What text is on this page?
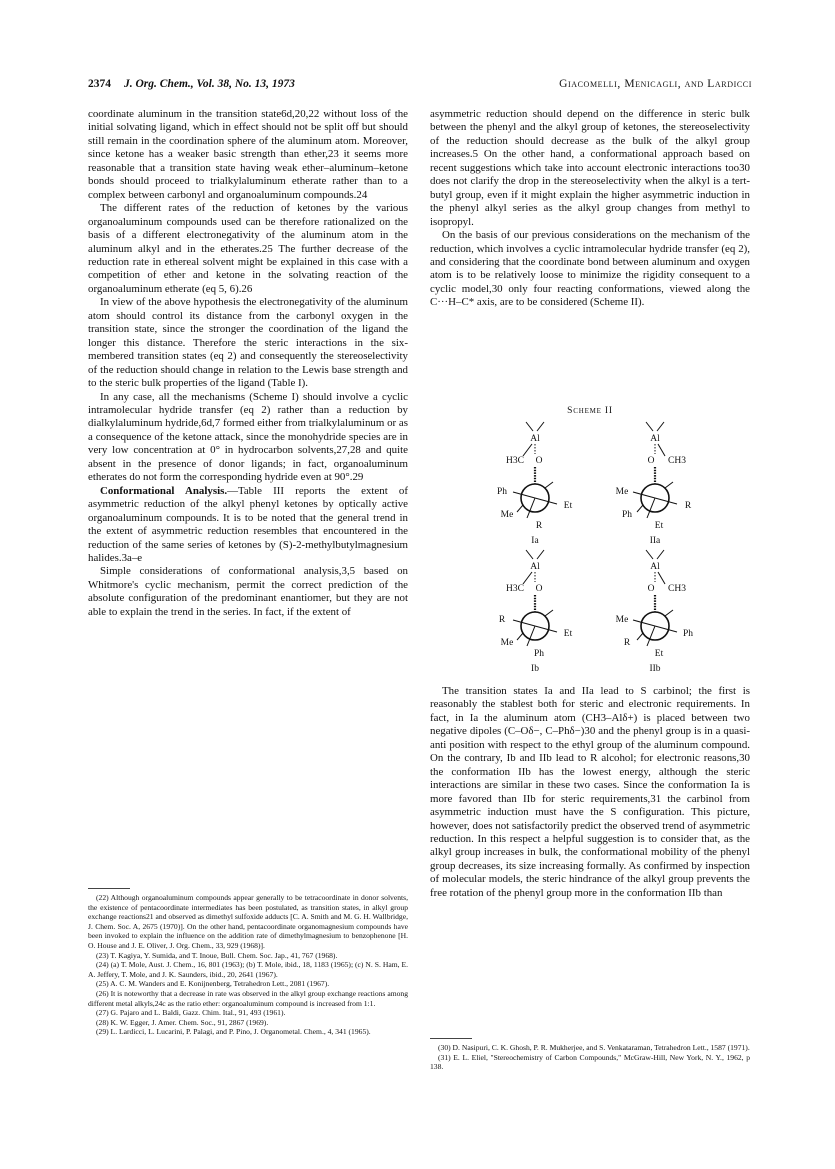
2374 J. Org. Chem., Vol. 38, No. 13, 1973	Giacomelli, Menicagli, and Lardicci

coordinate aluminum in the transition state6d,20,22 without loss of the initial solvating ligand, which in effect should not be split off but should still remain in the coordination sphere of the aluminum atom. Moreover, since ketone has a weaker basic strength than ether,23 it seems more reasonable that a transition state having weak ether–aluminum–ketone bonds should proceed to trialkylaluminum etherate rather than to a complex between carbonyl and organoaluminum compounds.24

The different rates of the reduction of ketones by the various organoaluminum compounds used can be therefore rationalized on the basis of a different electronegativity of the aluminum atom in the aluminum alkyl and in the etherates.25 The further decrease of the reduction rate in ethereal solvent might be explained in this case with a competition of ether and ketone in the solvating reaction of the organoaluminum etherate (eq 5, 6).26

In view of the above hypothesis the electronegativity of the aluminum atom should control its distance from the carbonyl oxygen in the transition state, since the stronger the coordination of the ligand the longer this distance. Therefore the steric interactions in the six-membered transition states (eq 2) and consequently the stereoselectivity of the reduction should change in relation to the Lewis base strength and to the steric bulk properties of the ligand (Table I).

In any case, all the mechanisms (Scheme I) should involve a cyclic intramolecular hydride transfer (eq 2) rather than a reduction by dialkylaluminum hydride,6d,7 formed either from trialkylaluminum or as a consequence of the ketone attack, since the monohydride species are in very low concentration at 0° in hydrocarbon solvents,27,28 and quite absent in the presence of donor ligands; in fact, organoaluminum etherates do not form the corresponding hydride even at 90°.29

Conformational Analysis.—Table III reports the extent of asymmetric reduction of the alkyl phenyl ketones by optically active organoaluminum compounds. It is to be noted that the general trend in the extent of asymmetric reduction resembles that encountered in the reduction of the same series of ketones by (S)-2-methylbutylmagnesium halides.3a–e

Simple considerations of conformational analysis,3,5 based on Whitmore's cyclic mechanism, permit the correct prediction of the absolute configuration of the predominant enantiomer, but they are not able to explain the trend in the series. In fact, if the extent of

(22) Although organoaluminum compounds appear generally to be tetracoordinate in donor solvents, the existence of pentacoordinate intermediates has been postulated, as transition states, in alkyl group exchange reactions21 and observed as dimethyl sulfoxide adducts [C. A. Smith and M. G. H. Wallbridge, J. Chem. Soc. A, 2675 (1970)]. On the other hand, pentacoordinate organomagnesium compounds have been invoked to explain the influence on the addition rate of dimethylmagnesium to benzophenone [H. O. House and J. E. Oliver, J. Org. Chem., 33, 929 (1968)].

(23) T. Kagiya, Y. Sumida, and T. Inoue, Bull. Chem. Soc. Jap., 41, 767 (1968).

(24) (a) T. Mole, Aust. J. Chem., 16, 801 (1963); (b) T. Mole, ibid., 18, 1183 (1965); (c) N. S. Ham, E. A. Jeffery, T. Mole, and J. K. Saunders, ibid., 20, 2641 (1967).

(25) A. C. M. Wanders and E. Konijnenberg, Tetrahedron Lett., 2081 (1967).

(26) It is noteworthy that a decrease in rate was observed in the alkyl group exchange reactions among different metal alkyls,24c as the ratio ether: organoaluminum compound is increased from 1:1.

(27) G. Pajaro and L. Baldi, Gazz. Chim. Ital., 91, 493 (1961).

(28) K. W. Egger, J. Amer. Chem. Soc., 91, 2867 (1969).

(29) L. Lardicci, L. Lucarini, P. Palagi, and P. Pino, J. Organometal. Chem., 4, 341 (1965).

asymmetric reduction should depend on the difference in steric bulk between the phenyl and the alkyl group of ketones, the stereoselectivity of the reduction should decrease as the bulk of the alkyl group increases.5 On the other hand, a conformational approach based on recent suggestions which take into account electronic interactions too30 does not clarify the drop in the stereoselectivity when the alkyl is a tert-butyl group, even if it might explain the higher asymmetric induction in the phenyl alkyl series as the alkyl group changes from methyl to isopropyl.

On the basis of our previous considerations on the mechanism of the reduction, which involves a cyclic intramolecular hydride transfer (eq 2), and considering that the coordinate bond between aluminum and oxygen atom is to be relatively loose to minimize the rigidity consequent to a cyclic model,30 only four reacting conformations, viewed along the C···H–C* axis, are to be considered (Scheme II).

Scheme II
Al
H3C O
Ph
Et
Me
R
Ia
Al
CH3
O
Me
R
Ph
Et
IIa
Al
H3C O
R
Et
Me
Ph
Ib
Al
CH3
O
Me
Ph
R
Et
IIb

The transition states Ia and IIa lead to S carbinol; the first is reasonably the stablest both for steric and electronic requirements. In fact, in Ia the aluminum atom (CH3–Alδ+) is placed between two negative dipoles (C–Oδ−, C–Phδ−)30 and the phenyl group is in a quasi-anti position with respect to the ethyl group of the aluminum compound. On the contrary, Ib and IIb lead to R alcohol; for electronic reasons,30 the conformation IIb has the lowest energy, although the steric interactions are similar in these two cases. Since the conformation Ia is more favored than IIb for steric requirements,31 the carbinol from asymmetric induction must have the S configuration. This picture, however, does not satisfactorily predict the observed trend of asymmetric reduction. In this respect a helpful suggestion is to consider that, as the alkyl group increases in bulk, the conformational mobility of the phenyl group decreases, its size increasing formally. As confirmed by inspection of molecular models, the steric hindrance of the alkyl group prevents the free rotation of the phenyl group more in the conformation IIb than

(30) D. Nasipuri, C. K. Ghosh, P. R. Mukherjee, and S. Venkataraman, Tetrahedron Lett., 1587 (1971).

(31) E. L. Eliel, "Stereochemistry of Carbon Compounds," McGraw-Hill, New York, N. Y., 1962, p 138.
